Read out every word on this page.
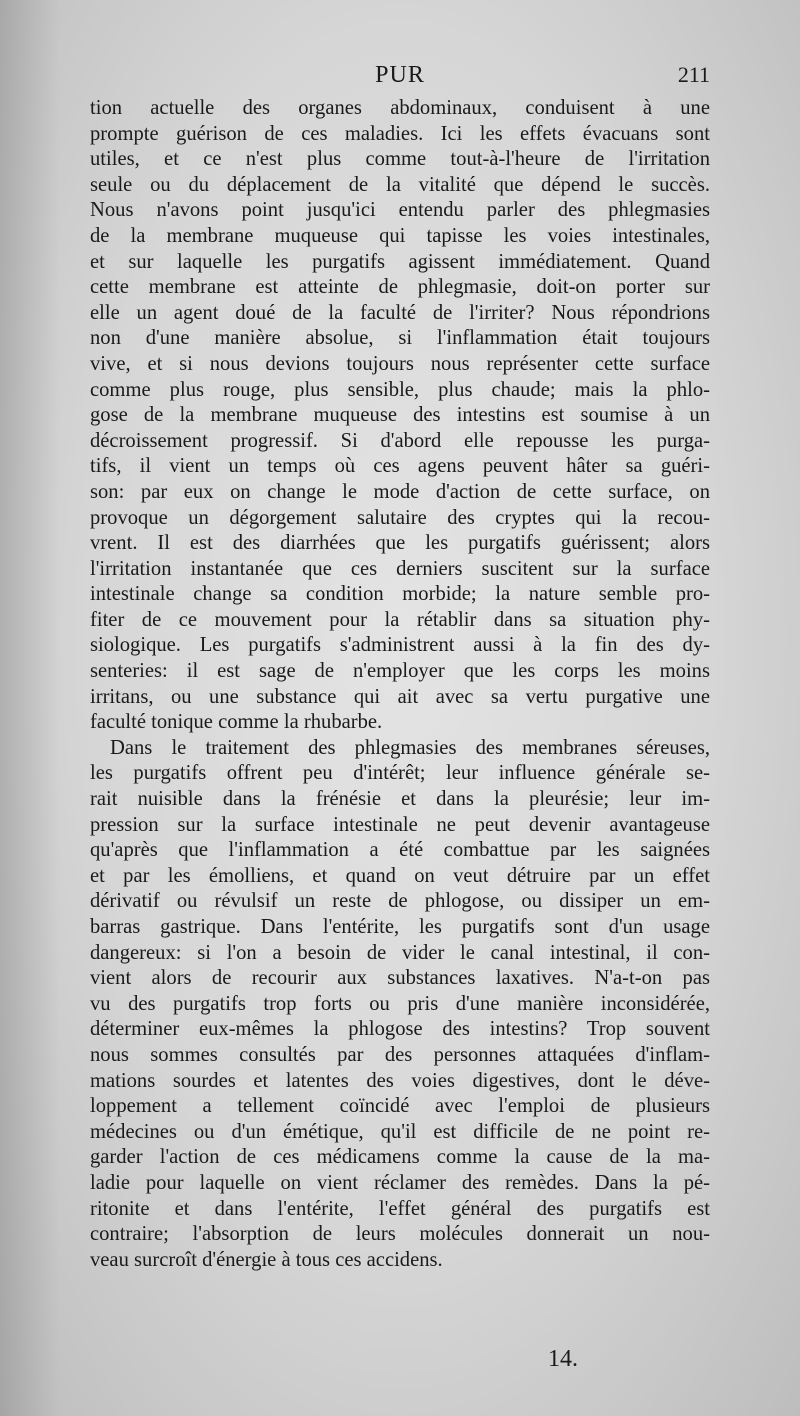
PUR	211
tion actuelle des organes abdominaux, conduisent à une
prompte guérison de ces maladies. Ici les effets évacuans sont
utiles, et ce n'est plus comme tout-à-l'heure de l'irritation
seule ou du déplacement de la vitalité que dépend le succès.
Nous n'avons point jusqu'ici entendu parler des phlegmasies
de la membrane muqueuse qui tapisse les voies intestinales,
et sur laquelle les purgatifs agissent immédiatement. Quand
cette membrane est atteinte de phlegmasie, doit-on porter sur
elle un agent doué de la faculté de l'irriter? Nous répondrions
non d'une manière absolue, si l'inflammation était toujours
vive, et si nous devions toujours nous représenter cette surface
comme plus rouge, plus sensible, plus chaude; mais la phlo-
gose de la membrane muqueuse des intestins est soumise à un
décroissement progressif. Si d'abord elle repousse les purga-
tifs, il vient un temps où ces agens peuvent hâter sa guéri-
son: par eux on change le mode d'action de cette surface, on
provoque un dégorgement salutaire des cryptes qui la recou-
vrent. Il est des diarrhées que les purgatifs guérissent; alors
l'irritation instantanée que ces derniers suscitent sur la surface
intestinale change sa condition morbide; la nature semble pro-
fiter de ce mouvement pour la rétablir dans sa situation phy-
siologique. Les purgatifs s'administrent aussi à la fin des dy-
senteries: il est sage de n'employer que les corps les moins
irritans, ou une substance qui ait avec sa vertu purgative une
faculté tonique comme la rhubarbe.
Dans le traitement des phlegmasies des membranes séreuses,
les purgatifs offrent peu d'intérêt; leur influence générale se-
rait nuisible dans la frénésie et dans la pleurésie; leur im-
pression sur la surface intestinale ne peut devenir avantageuse
qu'après que l'inflammation a été combattue par les saignées
et par les émolliens, et quand on veut détruire par un effet
dérivatif ou révulsif un reste de phlogose, ou dissiper un em-
barras gastrique. Dans l'entérite, les purgatifs sont d'un usage
dangereux: si l'on a besoin de vider le canal intestinal, il con-
vient alors de recourir aux substances laxatives. N'a-t-on pas
vu des purgatifs trop forts ou pris d'une manière inconsidérée,
déterminer eux-mêmes la phlogose des intestins? Trop souvent
nous sommes consultés par des personnes attaquées d'inflam-
mations sourdes et latentes des voies digestives, dont le déve-
loppement a tellement coïncidé avec l'emploi de plusieurs
médecines ou d'un émétique, qu'il est difficile de ne point re-
garder l'action de ces médicamens comme la cause de la ma-
ladie pour laquelle on vient réclamer des remèdes. Dans la pé-
ritonite et dans l'entérite, l'effet général des purgatifs est
contraire; l'absorption de leurs molécules donnerait un nou-
veau surcroît d'énergie à tous ces accidens.
14.
